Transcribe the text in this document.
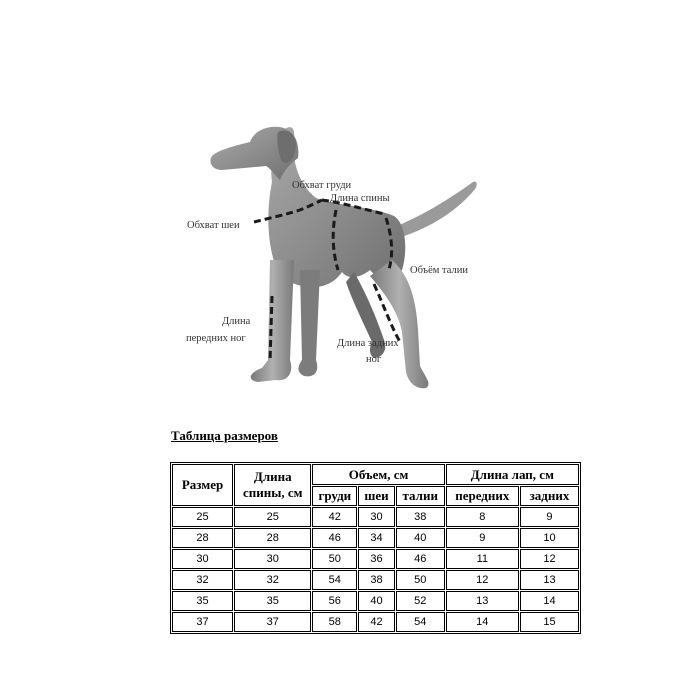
Обхват груди
Длина спины
Обхват шеи
Объём талии
Длина
передних ног	Длина задних
ног
Таблица размеров
Размер	Длина спины, см	Объем, см			Длина лап, см	
		груди	шеи	талии	передних	задних
25	25	42	30	38	8	9
28	28	46	34	40	9	10
30	30	50	36	46	11	12
32	32	54	38	50	12	13
35	35	56	40	52	13	14
37	37	58	42	54	14	15
